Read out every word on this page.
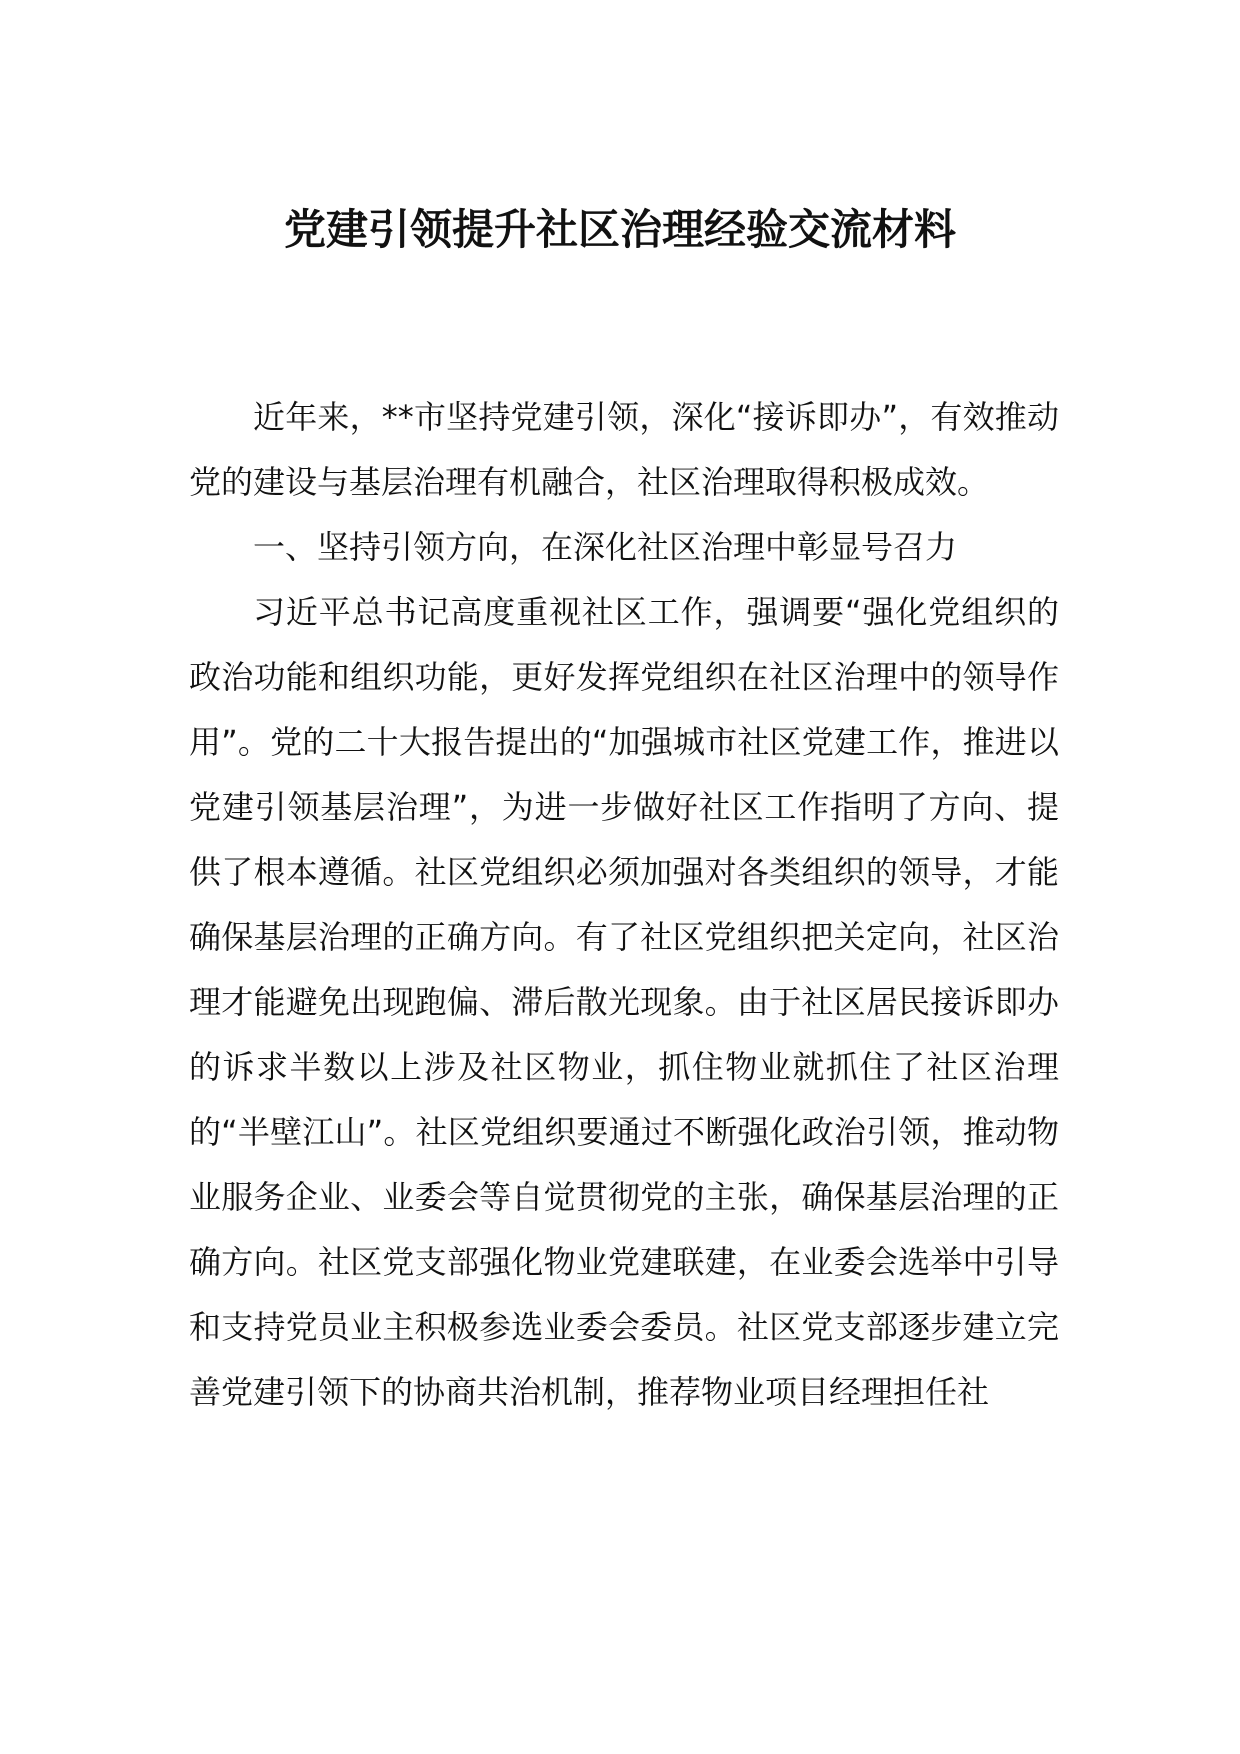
党建引领提升社区治理经验交流材料

近年来，**市坚持党建引领，深化“接诉即办”，有效推动党的建设与基层治理有机融合，社区治理取得积极成效。

一、坚持引领方向，在深化社区治理中彰显号召力

习近平总书记高度重视社区工作，强调要“强化党组织的政治功能和组织功能，更好发挥党组织在社区治理中的领导作用”。党的二十大报告提出的“加强城市社区党建工作，推进以党建引领基层治理”，为进一步做好社区工作指明了方向、提供了根本遵循。社区党组织必须加强对各类组织的领导，才能确保基层治理的正确方向。有了社区党组织把关定向，社区治理才能避免出现跑偏、滞后散光现象。由于社区居民接诉即办的诉求半数以上涉及社区物业，抓住物业就抓住了社区治理的“半壁江山”。社区党组织要通过不断强化政治引领，推动物业服务企业、业委会等自觉贯彻党的主张，确保基层治理的正确方向。社区党支部强化物业党建联建，在业委会选举中引导和支持党员业主积极参选业委会委员。社区党支部逐步建立完善党建引领下的协商共治机制，推荐物业项目经理担任社
